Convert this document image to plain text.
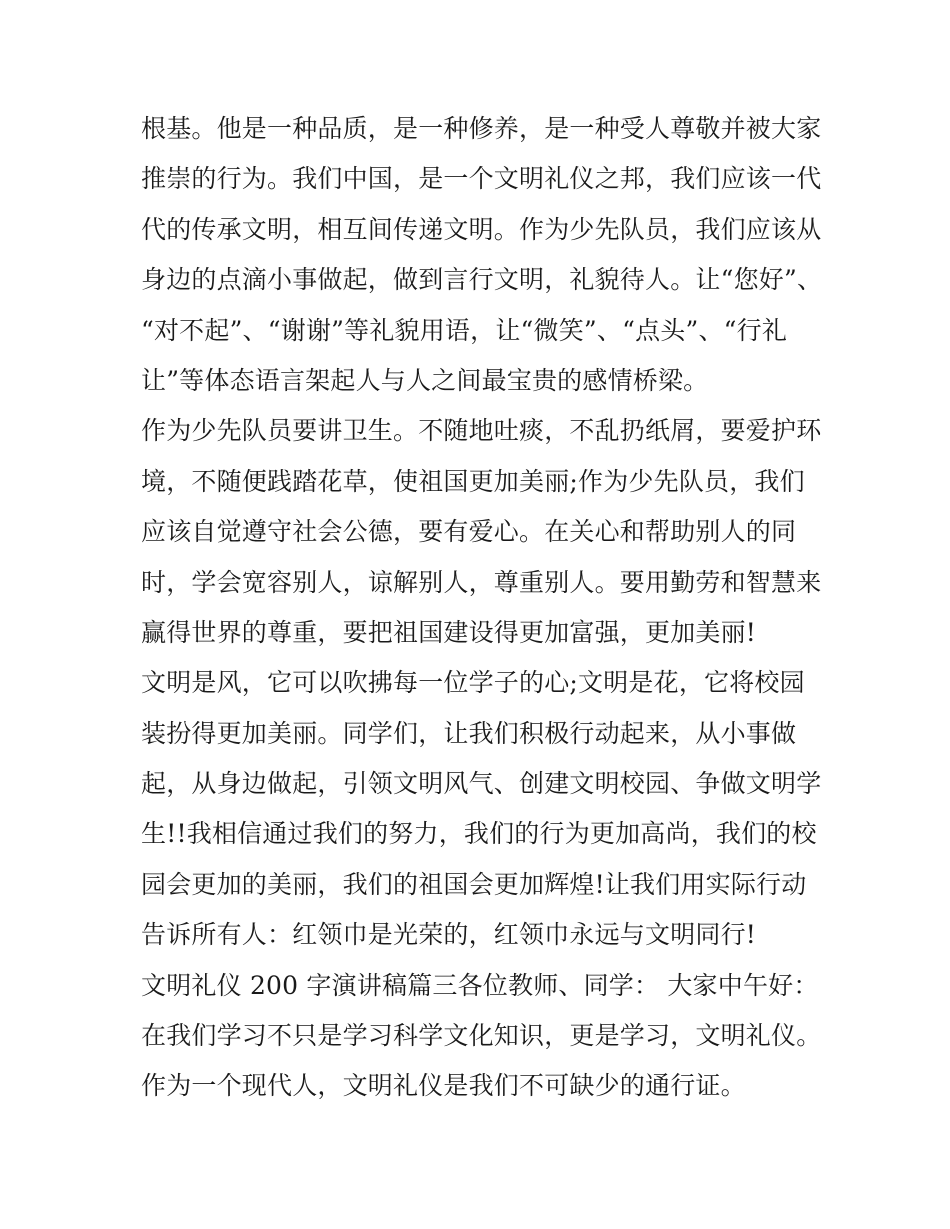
根基。他是一种品质，是一种修养，是一种受人尊敬并被大家
推崇的行为。我们中国，是一个文明礼仪之邦，我们应该一代
代的传承文明，相互间传递文明。作为少先队员，我们应该从
身边的点滴小事做起，做到言行文明，礼貌待人。让“您好”、
“对不起”、“谢谢”等礼貌用语，让“微笑”、“点头”、“行礼
让”等体态语言架起人与人之间最宝贵的感情桥梁。
作为少先队员要讲卫生。不随地吐痰，不乱扔纸屑，要爱护环
境，不随便践踏花草，使祖国更加美丽;作为少先队员，我们
应该自觉遵守社会公德，要有爱心。在关心和帮助别人的同
时，学会宽容别人，谅解别人，尊重别人。要用勤劳和智慧来
赢得世界的尊重，要把祖国建设得更加富强，更加美丽!
文明是风，它可以吹拂每一位学子的心;文明是花，它将校园
装扮得更加美丽。同学们，让我们积极行动起来，从小事做
起，从身边做起，引领文明风气、创建文明校园、争做文明学
生!!我相信通过我们的努力，我们的行为更加高尚，我们的校
园会更加的美丽，我们的祖国会更加辉煌!让我们用实际行动
告诉所有人：红领巾是光荣的，红领巾永远与文明同行!
文明礼仪 200 字演讲稿篇三各位教师、同学： 大家中午好：
在我们学习不只是学习科学文化知识，更是学习，文明礼仪。
作为一个现代人，文明礼仪是我们不可缺少的通行证。
